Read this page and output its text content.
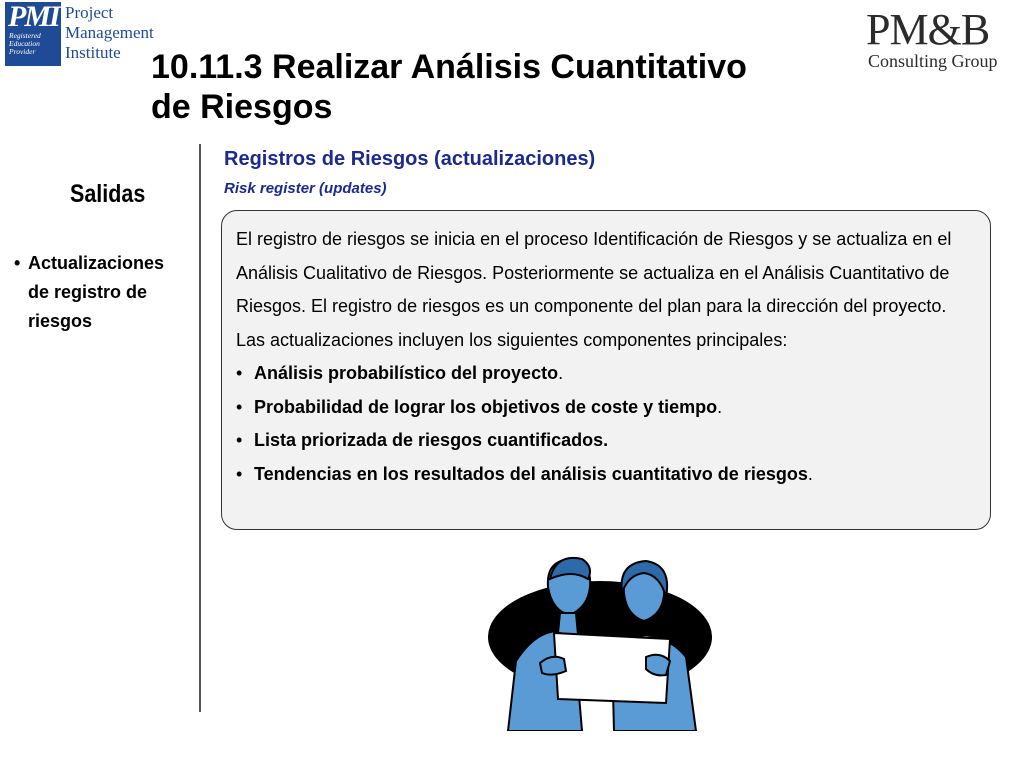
PMI
Registered
Education
Provider
Project
Management
Institute	PM&B
Consulting Group
10.11.3 Realizar Análisis Cuantitativo
de Riesgos
Salidas
• Actualizaciones
de registro de
riesgos
Registros de Riesgos (actualizaciones)
Risk register (updates)

El registro de riesgos se inicia en el proceso Identificación de Riesgos y se actualiza en el Análisis Cualitativo de Riesgos. Posteriormente se actualiza en el Análisis Cuantitativo de Riesgos. El registro de riesgos es un componente del plan para la dirección del proyecto. Las actualizaciones incluyen los siguientes componentes principales:

• Análisis probabilístico del proyecto.
• Probabilidad de lograr los objetivos de coste y tiempo.
• Lista priorizada de riesgos cuantificados.
• Tendencias en los resultados del análisis cuantitativo de riesgos.
